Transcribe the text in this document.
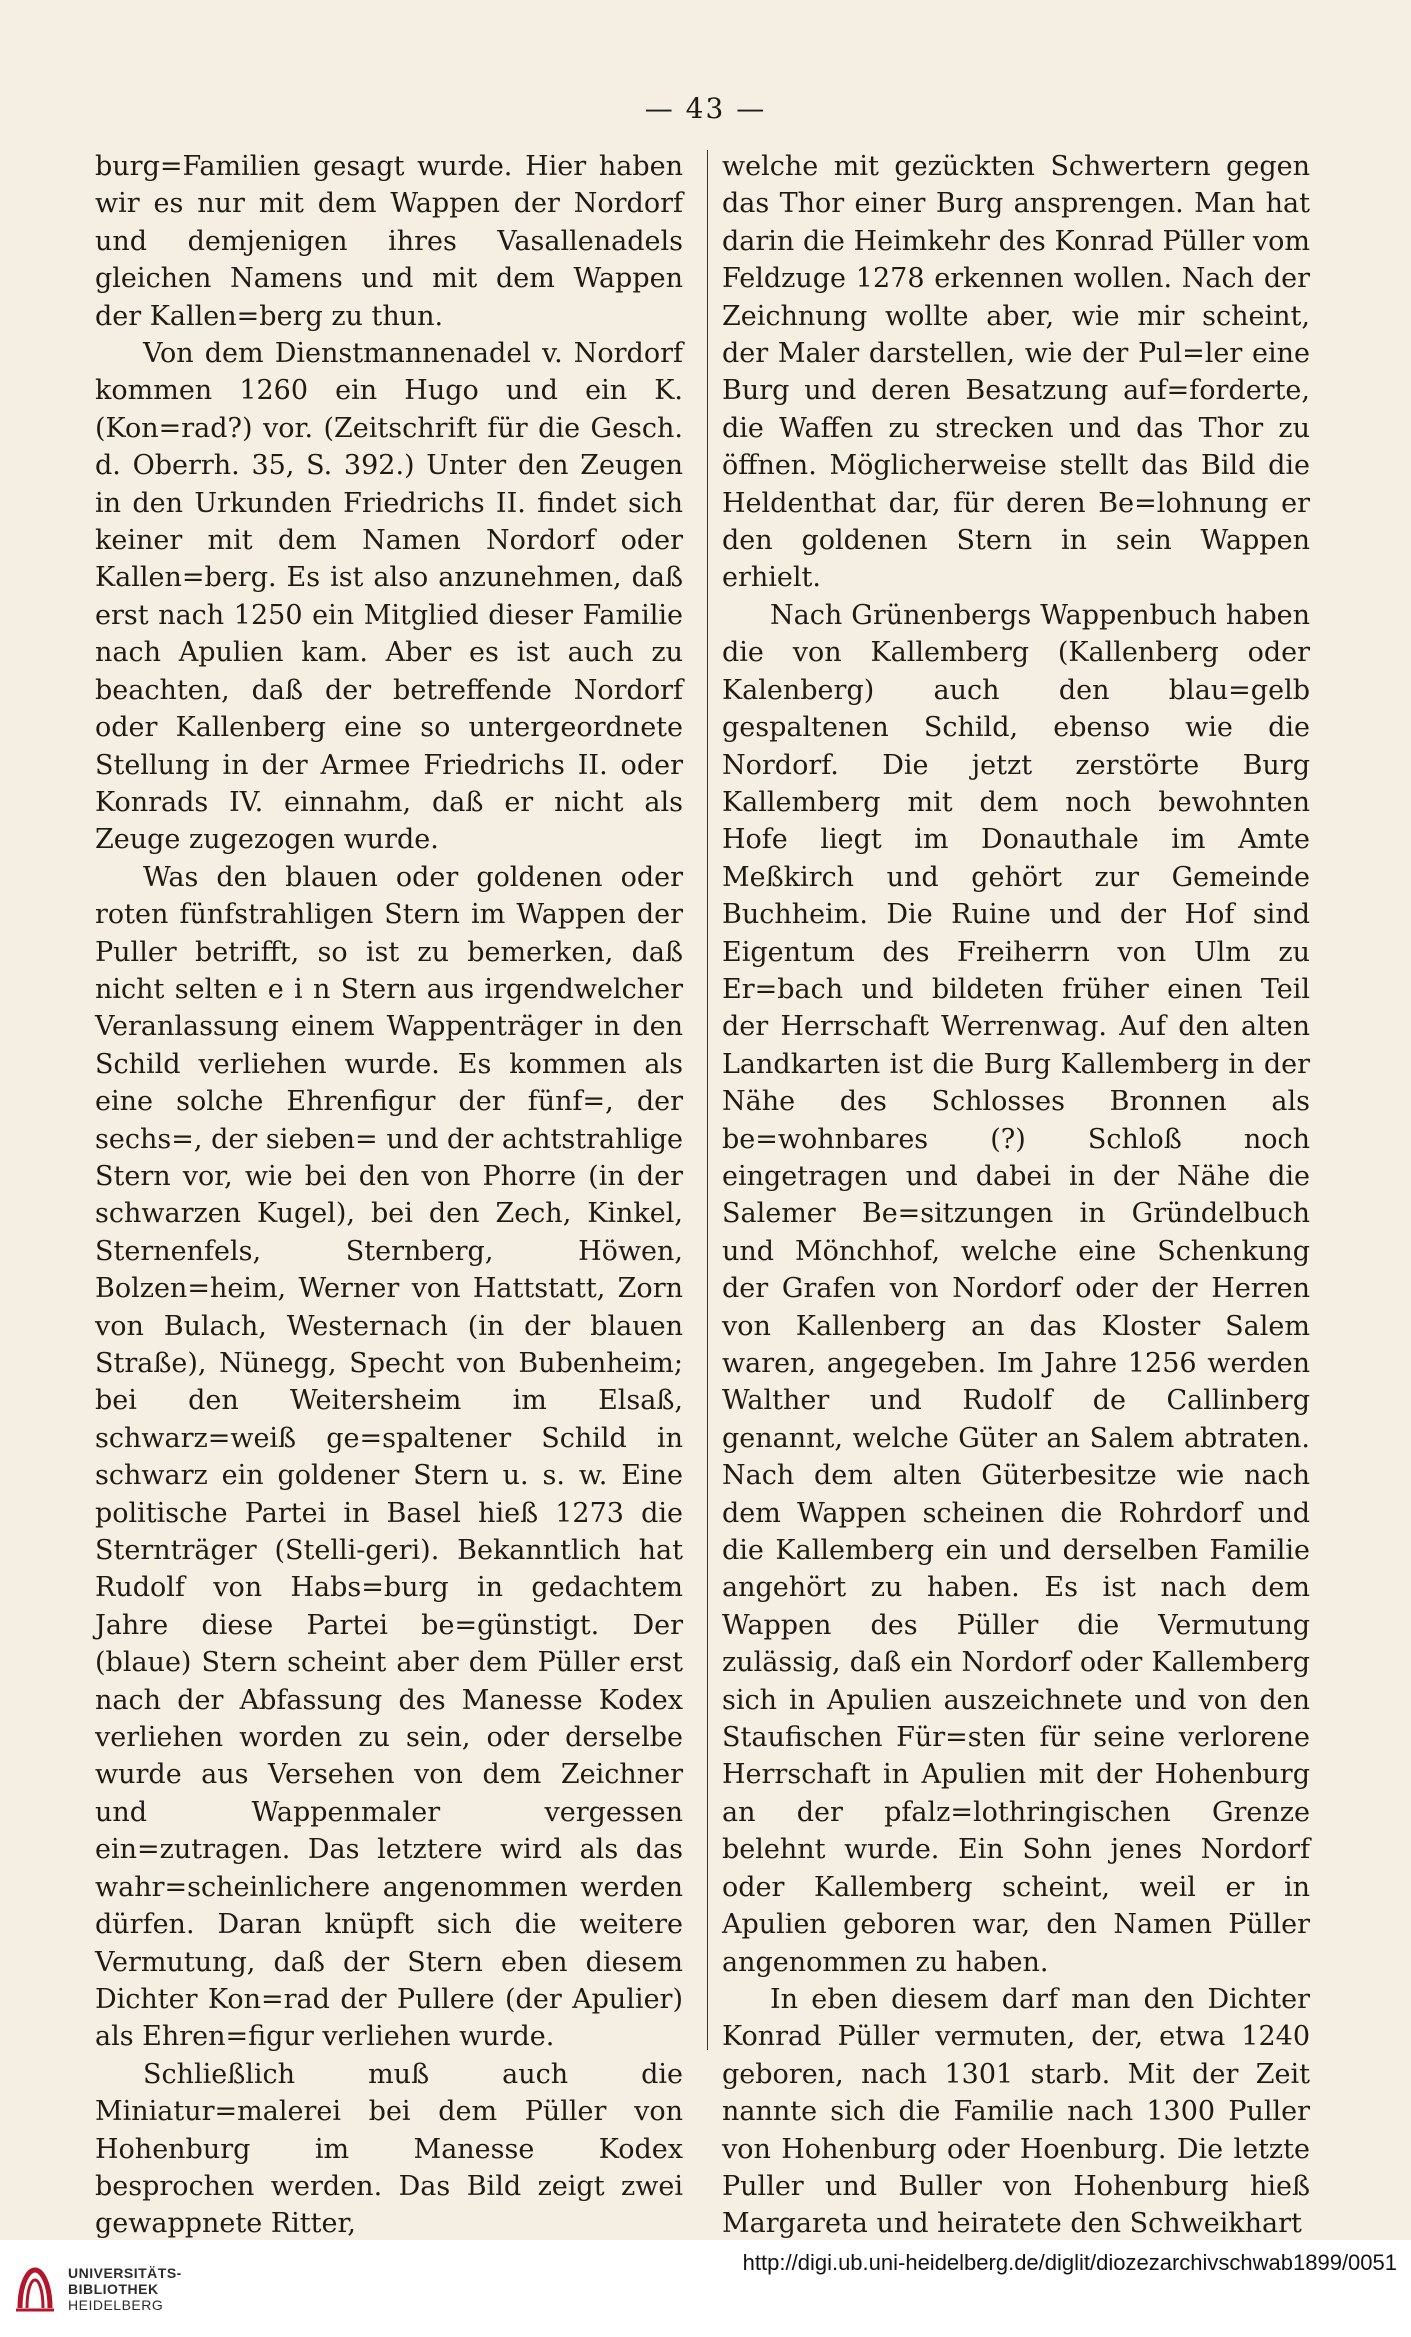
— 43 —

burg=Familien gesagt wurde. Hier haben wir es nur mit dem Wappen der Nordorf und demjenigen ihres Vasallenadels gleichen Namens und mit dem Wappen der Kallen=berg zu thun.

Von dem Dienstmannenadel v. Nordorf kommen 1260 ein Hugo und ein K. (Kon=rad?) vor. (Zeitschrift für die Gesch. d. Oberrh. 35, S. 392.) Unter den Zeugen in den Urkunden Friedrichs II. findet sich keiner mit dem Namen Nordorf oder Kallen=berg. Es ist also anzunehmen, daß erst nach 1250 ein Mitglied dieser Familie nach Apulien kam. Aber es ist auch zu beachten, daß der betreffende Nordorf oder Kallenberg eine so untergeordnete Stellung in der Armee Friedrichs II. oder Konrads IV. einnahm, daß er nicht als Zeuge zugezogen wurde.

Was den blauen oder goldenen oder roten fünfstrahligen Stern im Wappen der Puller betrifft, so ist zu bemerken, daß nicht selten e i n Stern aus irgendwelcher Veranlassung einem Wappenträger in den Schild verliehen wurde. Es kommen als eine solche Ehrenfigur der fünf=, der sechs=, der sieben= und der achtstrahlige Stern vor, wie bei den von Phorre (in der schwarzen Kugel), bei den Zech, Kinkel, Sternenfels, Sternberg, Höwen, Bolzen=heim, Werner von Hattstatt, Zorn von Bulach, Westernach (in der blauen Straße), Nünegg, Specht von Bubenheim; bei den Weitersheim im Elsaß, schwarz=weiß ge=spaltener Schild in schwarz ein goldener Stern u. s. w. Eine politische Partei in Basel hieß 1273 die Sternträger (Stelli-geri). Bekanntlich hat Rudolf von Habs=burg in gedachtem Jahre diese Partei be=günstigt. Der (blaue) Stern scheint aber dem Püller erst nach der Abfassung des Manesse Kodex verliehen worden zu sein, oder derselbe wurde aus Versehen von dem Zeichner und Wappenmaler vergessen ein=zutragen. Das letztere wird als das wahr=scheinlichere angenommen werden dürfen. Daran knüpft sich die weitere Vermutung, daß der Stern eben diesem Dichter Kon=rad der Pullere (der Apulier) als Ehren=figur verliehen wurde.

Schließlich muß auch die Miniatur=malerei bei dem Püller von Hohenburg im Manesse Kodex besprochen werden. Das Bild zeigt zwei gewappnete Ritter,

welche mit gezückten Schwertern gegen das Thor einer Burg ansprengen. Man hat darin die Heimkehr des Konrad Püller vom Feldzuge 1278 erkennen wollen. Nach der Zeichnung wollte aber, wie mir scheint, der Maler darstellen, wie der Pul=ler eine Burg und deren Besatzung auf=forderte, die Waffen zu strecken und das Thor zu öffnen. Möglicherweise stellt das Bild die Heldenthat dar, für deren Be=lohnung er den goldenen Stern in sein Wappen erhielt.

Nach Grünenbergs Wappenbuch haben die von Kallemberg (Kallenberg oder Kalenberg) auch den blau=gelb gespaltenen Schild, ebenso wie die Nordorf. Die jetzt zerstörte Burg Kallemberg mit dem noch bewohnten Hofe liegt im Donauthale im Amte Meßkirch und gehört zur Gemeinde Buchheim. Die Ruine und der Hof sind Eigentum des Freiherrn von Ulm zu Er=bach und bildeten früher einen Teil der Herrschaft Werrenwag. Auf den alten Landkarten ist die Burg Kallemberg in der Nähe des Schlosses Bronnen als be=wohnbares (?) Schloß noch eingetragen und dabei in der Nähe die Salemer Be=sitzungen in Gründelbuch und Mönchhof, welche eine Schenkung der Grafen von Nordorf oder der Herren von Kallenberg an das Kloster Salem waren, angegeben. Im Jahre 1256 werden Walther und Rudolf de Callinberg genannt, welche Güter an Salem abtraten. Nach dem alten Güterbesitze wie nach dem Wappen scheinen die Rohrdorf und die Kallemberg ein und derselben Familie angehört zu haben. Es ist nach dem Wappen des Püller die Vermutung zulässig, daß ein Nordorf oder Kallemberg sich in Apulien auszeichnete und von den Staufischen Für=sten für seine verlorene Herrschaft in Apulien mit der Hohenburg an der pfalz=lothringischen Grenze belehnt wurde. Ein Sohn jenes Nordorf oder Kallemberg scheint, weil er in Apulien geboren war, den Namen Püller angenommen zu haben.

In eben diesem darf man den Dichter Konrad Püller vermuten, der, etwa 1240 geboren, nach 1301 starb. Mit der Zeit nannte sich die Familie nach 1300 Puller von Hohenburg oder Hoenburg. Die letzte Puller und Buller von Hohenburg hieß Margareta und heiratete den Schweikhart

UNIVERSITÄTS-
BIBLIOTHEK
HEIDELBERG
http://digi.ub.uni-heidelberg.de/diglit/diozezarchivschwab1899/0051
